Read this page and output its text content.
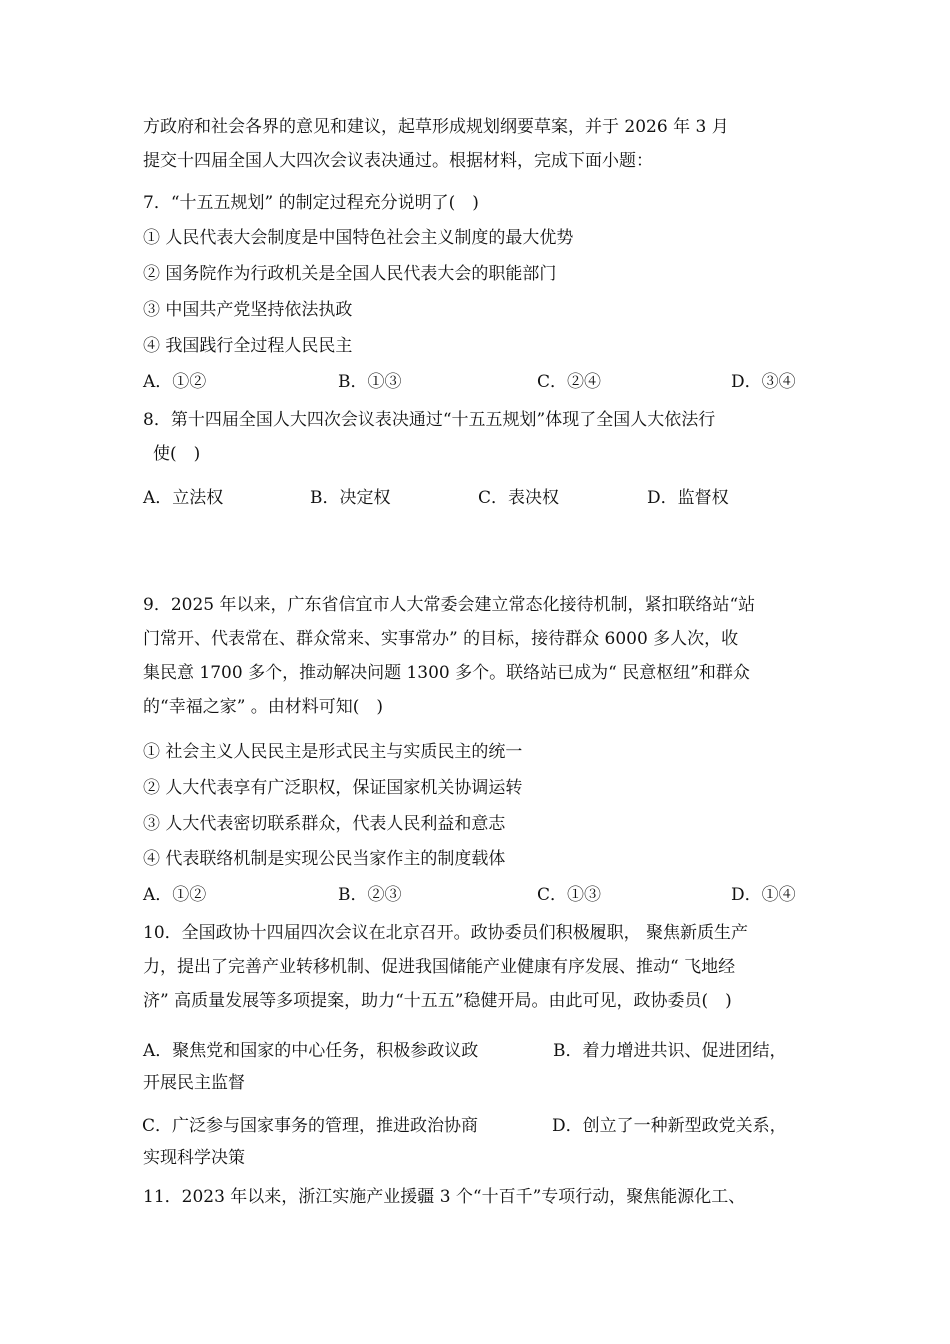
方政府和社会各界的意见和建议，起草形成规划纲要草案，并于 2026 年 3 月
提交十四届全国人大四次会议表决通过。根据材料，完成下面小题：
7．“十五五规划” 的制定过程充分说明了(　)
① 人民代表大会制度是中国特色社会主义制度的最大优势
② 国务院作为行政机关是全国人民代表大会的职能部门
③ 中国共产党坚持依法执政
④ 我国践行全过程人民民主
A．①②	B．①③	C．②④	D．③④
8．第十四届全国人大四次会议表决通过“十五五规划”体现了全国人大依法行
使(　)
A．立法权	B．决定权	C．表决权	D．监督权
9．2025 年以来，广东省信宜市人大常委会建立常态化接待机制，紧扣联络站“站
门常开、代表常在、群众常来、实事常办” 的目标，接待群众 6000 多人次，收
集民意 1700 多个，推动解决问题 1300 多个。联络站已成为“ 民意枢纽”和群众
的“幸福之家” 。由材料可知(　)
① 社会主义人民民主是形式民主与实质民主的统一
② 人大代表享有广泛职权，保证国家机关协调运转
③ 人大代表密切联系群众，代表人民利益和意志
④ 代表联络机制是实现公民当家作主的制度载体
A．①②	B．②③	C．①③	D．①④
10．全国政协十四届四次会议在北京召开。政协委员们积极履职， 聚焦新质生产
力，提出了完善产业转移机制、促进我国储能产业健康有序发展、推动“ 飞地经
济” 高质量发展等多项提案，助力“十五五”稳健开局。由此可见，政协委员(　)
A．聚焦党和国家的中心任务，积极参政议政	B．着力增进共识、促进团结，
开展民主监督
C．广泛参与国家事务的管理，推进政治协商	D．创立了一种新型政党关系，
实现科学决策
11．2023 年以来，浙江实施产业援疆 3 个“十百千”专项行动，聚焦能源化工、
